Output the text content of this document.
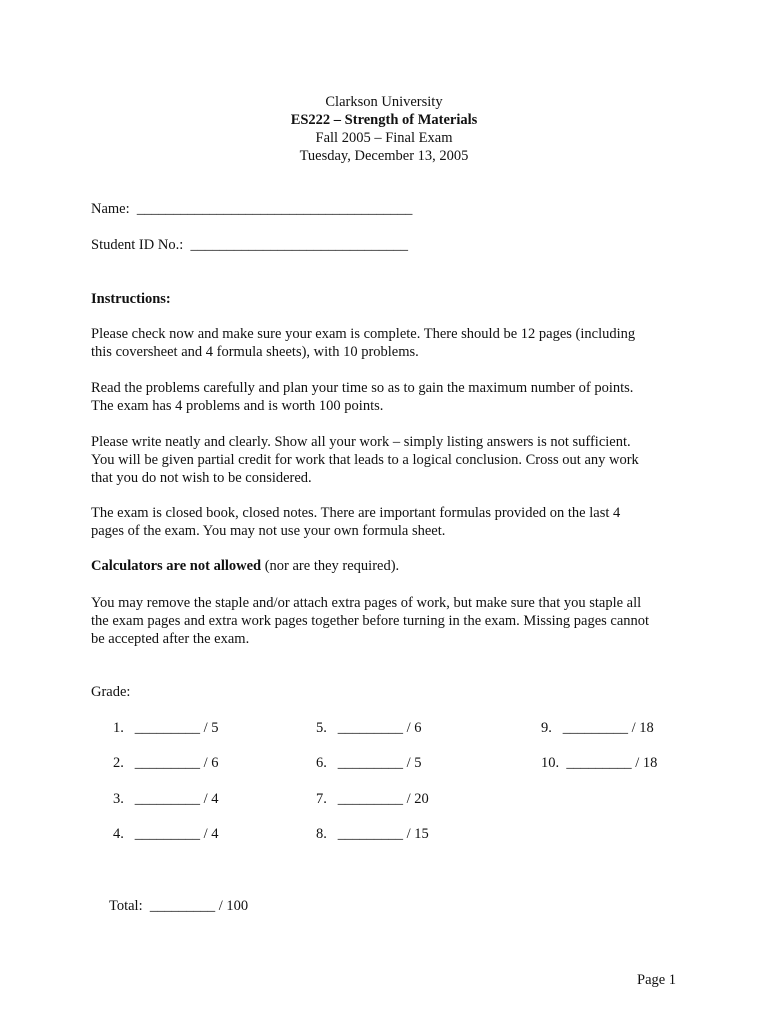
Clarkson University
ES222 – Strength of Materials
Fall 2005 – Final Exam
Tuesday, December 13, 2005
Name: ______________________________________
Student ID No.: ______________________________
Instructions:

Please check now and make sure your exam is complete. There should be 12 pages (including

this coversheet and 4 formula sheets), with 10 problems.

Read the problems carefully and plan your time so as to gain the maximum number of points.

The exam has 4 problems and is worth 100 points.

Please write neatly and clearly. Show all your work – simply listing answers is not sufficient.

You will be given partial credit for work that leads to a logical conclusion. Cross out any work

that you do not wish to be considered.

The exam is closed book, closed notes. There are important formulas provided on the last 4

pages of the exam. You may not use your own formula sheet.

Calculators are not allowed (nor are they required).

You may remove the staple and/or attach extra pages of work, but make sure that you staple all

the exam pages and extra work pages together before turning in the exam. Missing pages cannot

be accepted after the exam.

Grade:
1. _________ / 5
2. _________ / 6
3. _________ / 4
4. _________ / 4
5. _________ / 6
6. _________ / 5
7. _________ / 20
8. _________ / 15
9. _________ / 18
10. _________ / 18
Total: _________ / 100
Page 1
